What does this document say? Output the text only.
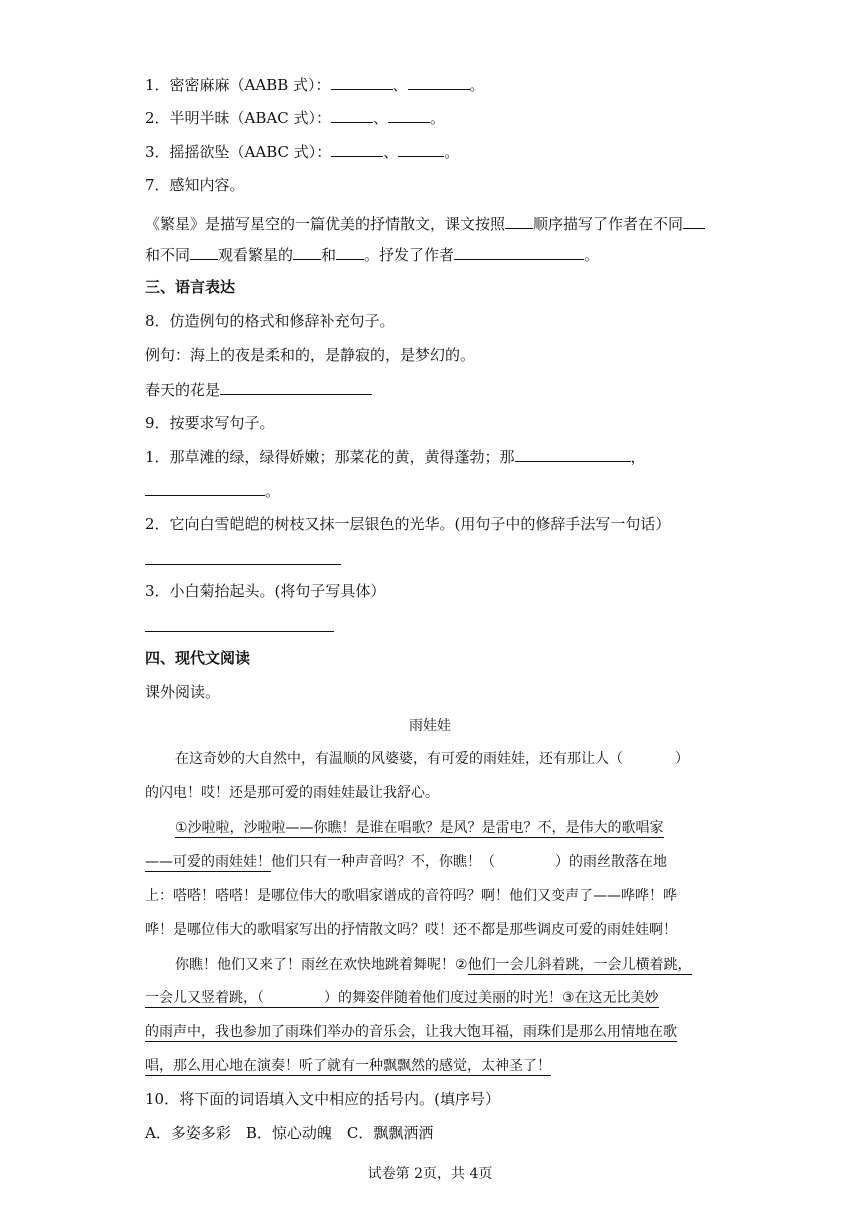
1．密密麻麻（AABB 式）：	、	。
2．半明半昧（ABAC 式）：	、	。
3．摇摇欲坠（AABC 式）：	、	。
7．感知内容。
《繁星》是描写星空的一篇优美的抒情散文，课文按照 顺序描写了作者在不同
和不同 观看繁星的 和 。抒发了作者	。
三、语言表达
8．仿造例句的格式和修辞补充句子。
例句：海上的夜是柔和的，是静寂的，是梦幻的。
春天的花是
9．按要求写句子。
1．那草滩的绿，绿得娇嫩；那菜花的黄，黄得蓬勃；那	，
。
2．它向白雪皑皑的树枝又抹一层银色的光华。(用句子中的修辞手法写一句话）
3．小白菊抬起头。(将句子写具体）
四、现代文阅读
课外阅读。
雨娃娃
在这奇妙的大自然中，有温顺的风婆婆，有可爱的雨娃娃，还有那让人（	）
的闪电！哎！还是那可爱的雨娃娃最让我舒心。
①沙啦啦，沙啦啦——你瞧！是谁在唱歌？是风？是雷电？不，是伟大的歌唱家
——可爱的雨娃娃！他们只有一种声音吗？不，你瞧！（	）的雨丝散落在地
上：嗒嗒！嗒嗒！是哪位伟大的歌唱家谱成的音符吗？啊！他们又变声了——哗哗！哗
哗！是哪位伟大的歌唱家写出的抒情散文吗？哎！还不都是那些调皮可爱的雨娃娃啊！
你瞧！他们又来了！雨丝在欢快地跳着舞呢！②他们一会儿斜着跳，一会儿横着跳，
一会儿又竖着跳，（	）的舞姿伴随着他们度过美丽的时光！③在这无比美妙
的雨声中，我也参加了雨珠们举办的音乐会，让我大饱耳福，雨珠们是那么用情地在歌
唱，那么用心地在演奏！听了就有一种飘飘然的感觉，太神圣了！
10．将下面的词语填入文中相应的括号内。(填序号）
A．多姿多彩　B．惊心动魄　C．飘飘洒洒
试卷第 2页，共 4页
